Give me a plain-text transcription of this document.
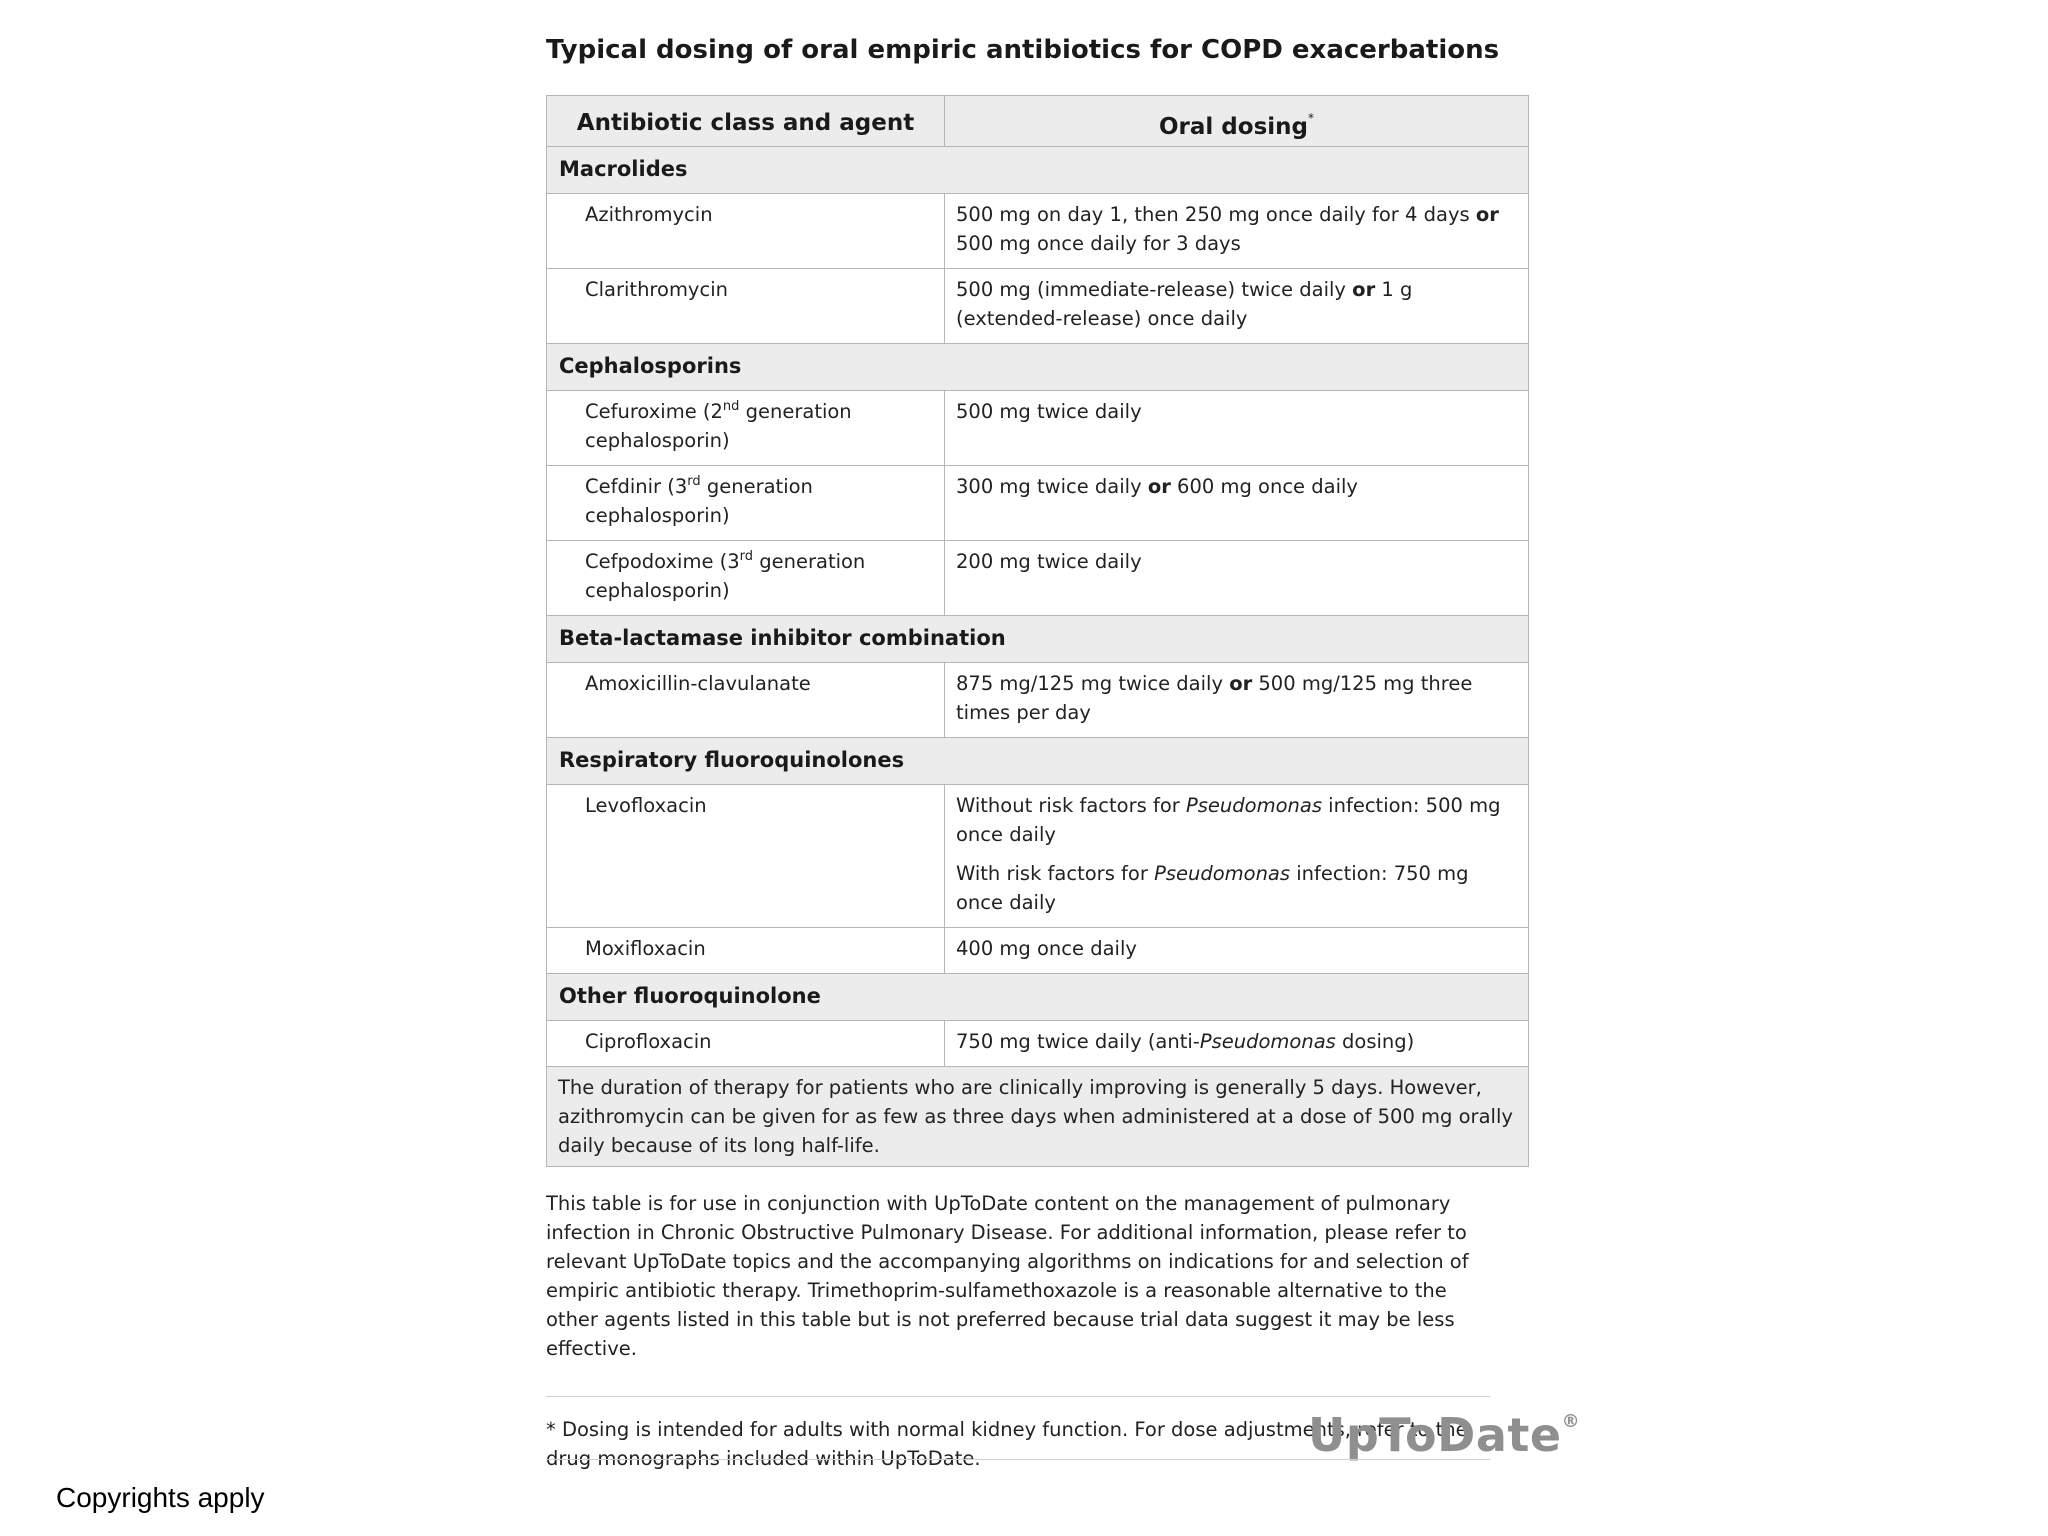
Typical dosing of oral empiric antibiotics for COPD exacerbations
Antibiotic class and agent	Oral dosing*
Macrolides	
Azithromycin	500 mg on day 1, then 250 mg once daily for 4 days or 500 mg once daily for 3 days

Clarithromycin	500 mg (immediate-release) twice daily or 1 g (extended-release) once daily

Cephalosporins	
Cefuroxime (2nd generation cephalosporin)	500 mg twice daily

Cefdinir (3rd generation cephalosporin)	300 mg twice daily or 600 mg once daily

Cefpodoxime (3rd generation cephalosporin)	200 mg twice daily

Beta-lactamase inhibitor combination	
Amoxicillin-clavulanate	875 mg/125 mg twice daily or 500 mg/125 mg three times per day

Respiratory fluoroquinolones	
Levofloxacin	Without risk factors for Pseudomonas infection: 500 mg once daily
With risk factors for Pseudomonas infection: 750 mg once daily

Moxifloxacin	400 mg once daily

Other fluoroquinolone	
Ciprofloxacin	750 mg twice daily (anti-Pseudomonas dosing)

The duration of therapy for patients who are clinically improving is generally 5 days. However, azithromycin can be given for as few as three days when administered at a dose of 500 mg orally daily because of its long half-life.	
This table is for use in conjunction with UpToDate content on the management of pulmonary infection in Chronic Obstructive Pulmonary Disease. For additional information, please refer to relevant UpToDate topics and the accompanying algorithms on indications for and selection of empiric antibiotic therapy. Trimethoprim-sulfamethoxazole is a reasonable alternative to the other agents listed in this table but is not preferred because trial data suggest it may be less effective.
* Dosing is intended for adults with normal kidney function. For dose adjustments, refer to the drug monographs included within UpToDate.	UpToDate®
Copyrights apply
